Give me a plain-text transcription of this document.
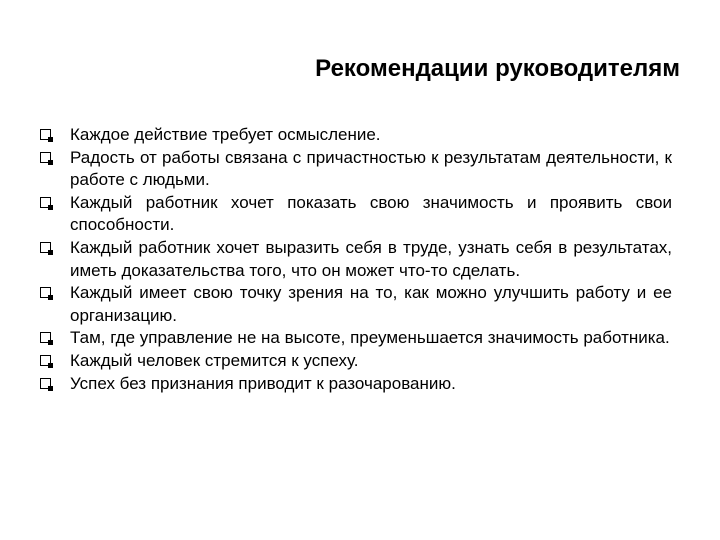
Рекомендации руководителям
Каждое действие требует осмысление.
Радость от работы связана с причастностью к результатам деятельности, к работе с людьми.
Каждый работник хочет показать свою значимость и проявить свои способности.
Каждый работник хочет выразить себя в труде, узнать себя в результатах, иметь доказательства того, что он может что-то сделать.
Каждый имеет свою точку зрения на то, как можно улучшить работу и ее организацию.
Там, где управление не на высоте, преуменьшается значимость работника.
Каждый человек стремится к успеху.
Успех без признания приводит к разочарованию.
